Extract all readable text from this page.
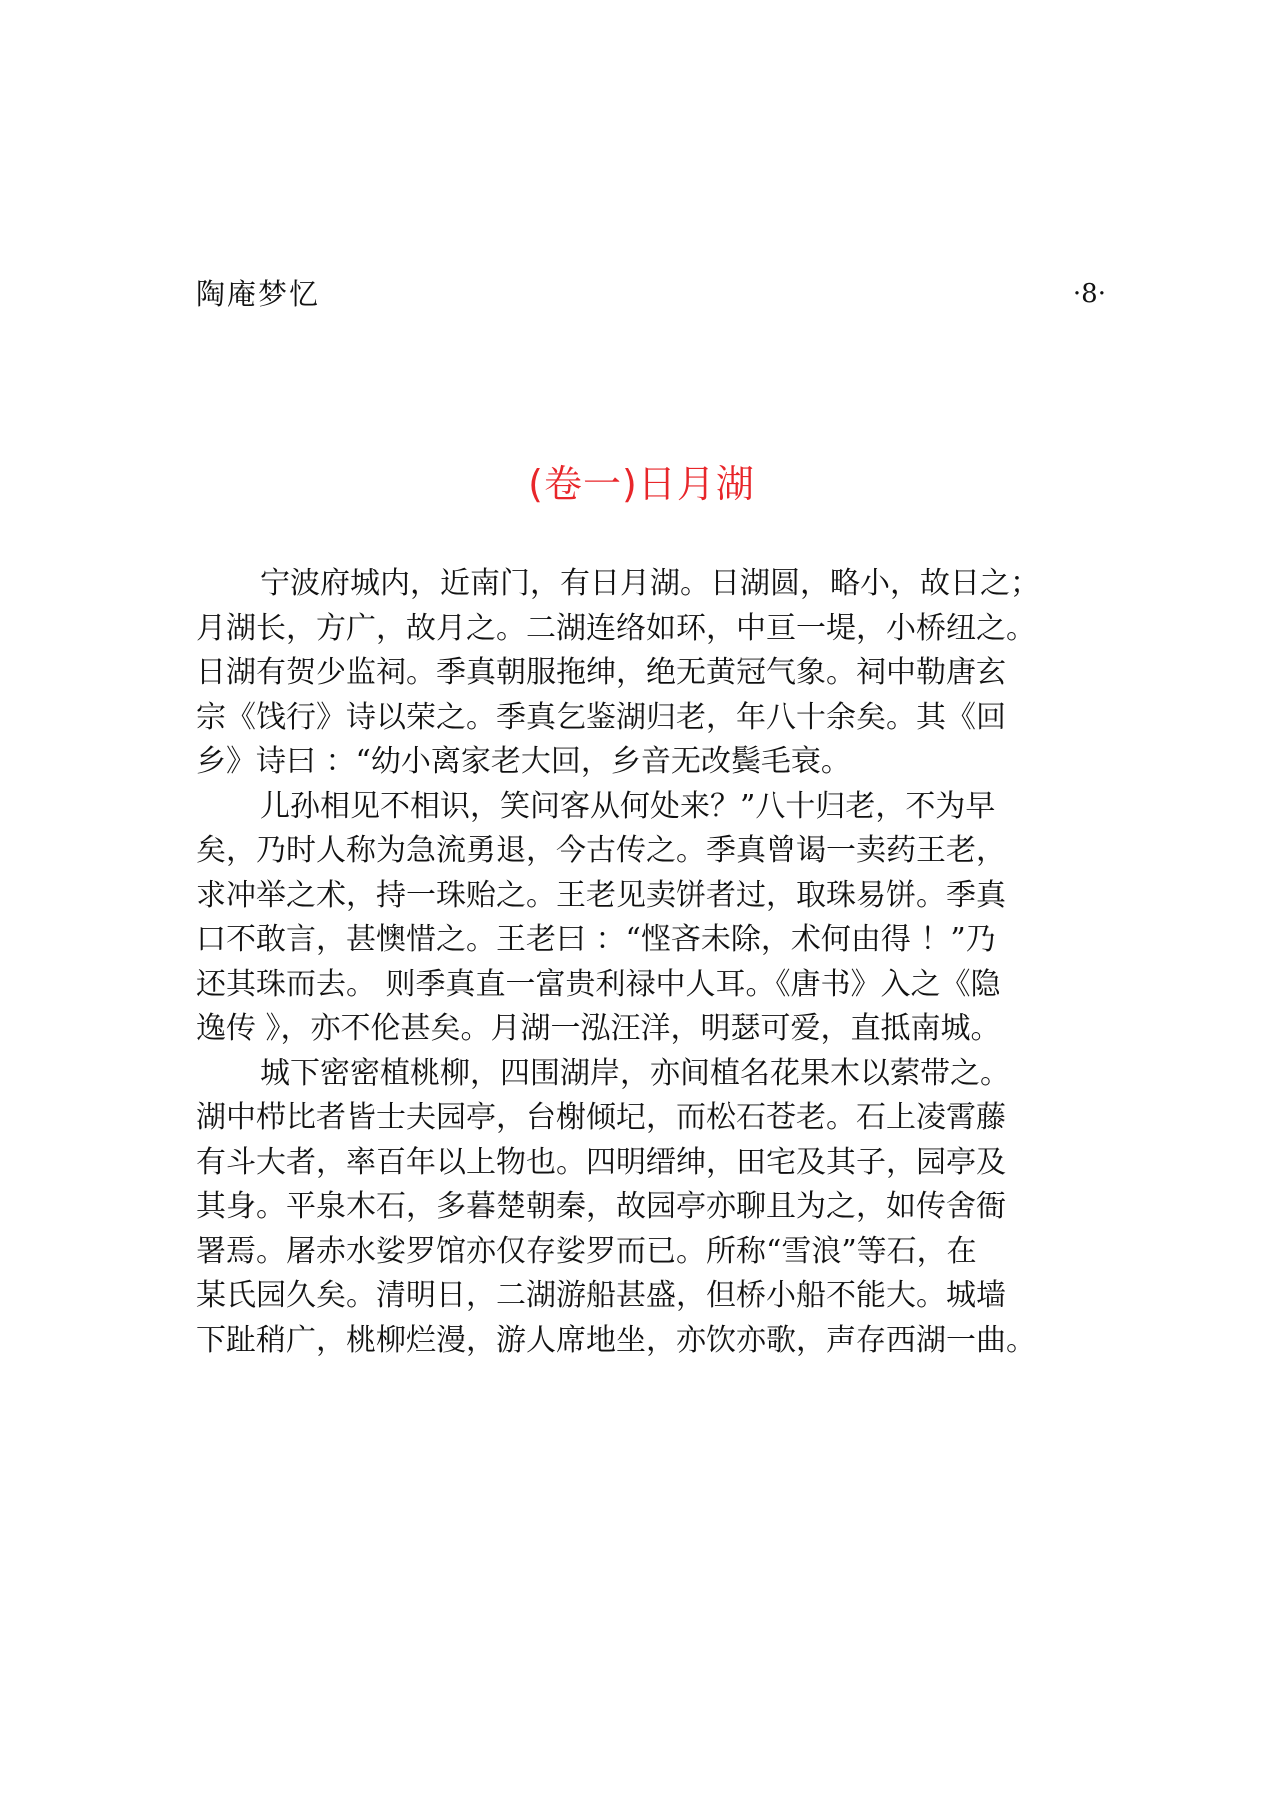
陶庵梦忆	·8·
(卷一)日月湖
宁波府城内，近南门，有日月湖。日湖圆，略小，故日之；
月湖长，方广，故月之。二湖连络如环，中亘一堤，小桥纽之。
日湖有贺少监祠。季真朝服拖绅，绝无黄冠气象。祠中勒唐玄
宗《饯行》诗以荣之。季真乞鉴湖归老，年八十余矣。其《回
乡》诗曰 ：“幼小离家老大回，乡音无改鬓毛衰。
儿孙相见不相识，笑问客从何处来？”八十归老，不为早
矣，乃时人称为急流勇退，今古传之。季真曾谒一卖药王老，
求冲举之术，持一珠贻之。王老见卖饼者过，取珠易饼。季真
口不敢言，甚懊惜之。王老曰 ：“悭吝未除，术何由得 ！”乃
还其珠而去。 则季真直一富贵利禄中人耳。《唐书》入之《隐
逸传 》，亦不伦甚矣。月湖一泓汪洋，明瑟可爱，直抵南城。
城下密密植桃柳，四围湖岸，亦间植名花果木以萦带之。
湖中栉比者皆士夫园亭，台榭倾圮，而松石苍老。石上凌霄藤
有斗大者，率百年以上物也。四明缙绅，田宅及其子，园亭及
其身。平泉木石，多暮楚朝秦，故园亭亦聊且为之，如传舍衙
署焉。屠赤水娑罗馆亦仅存娑罗而已。所称“雪浪”等石，在
某氏园久矣。清明日，二湖游船甚盛，但桥小船不能大。城墙
下趾稍广，桃柳烂漫，游人席地坐，亦饮亦歌，声存西湖一曲。
